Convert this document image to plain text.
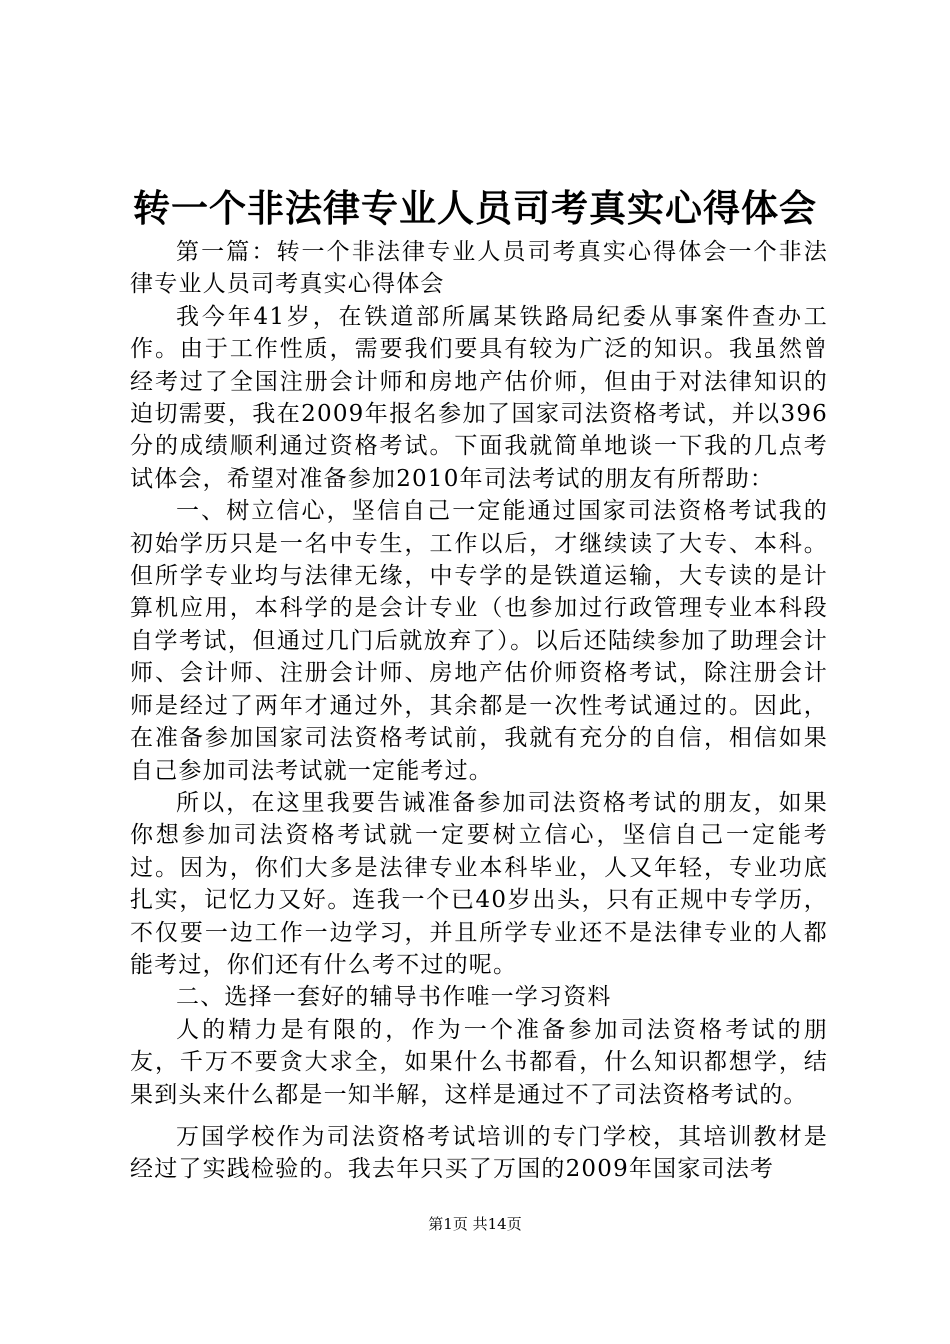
转一个非法律专业人员司考真实心得体会

第一篇：转一个非法律专业人员司考真实心得体会一个非法律专业人员司考真实心得体会

我今年41岁，在铁道部所属某铁路局纪委从事案件查办工作。由于工作性质，需要我们要具有较为广泛的知识。我虽然曾经考过了全国注册会计师和房地产估价师，但由于对法律知识的迫切需要，我在2009年报名参加了国家司法资格考试，并以396分的成绩顺利通过资格考试。下面我就简单地谈一下我的几点考试体会，希望对准备参加2010年司法考试的朋友有所帮助：

一、树立信心，坚信自己一定能通过国家司法资格考试我的初始学历只是一名中专生，工作以后，才继续读了大专、本科。但所学专业均与法律无缘，中专学的是铁道运输，大专读的是计算机应用，本科学的是会计专业（也参加过行政管理专业本科段自学考试，但通过几门后就放弃了）。以后还陆续参加了助理会计师、会计师、注册会计师、房地产估价师资格考试，除注册会计师是经过了两年才通过外，其余都是一次性考试通过的。因此，在准备参加国家司法资格考试前，我就有充分的自信，相信如果自己参加司法考试就一定能考过。

所以，在这里我要告诫准备参加司法资格考试的朋友，如果你想参加司法资格考试就一定要树立信心，坚信自己一定能考过。因为，你们大多是法律专业本科毕业，人又年轻，专业功底扎实，记忆力又好。连我一个已40岁出头，只有正规中专学历，不仅要一边工作一边学习，并且所学专业还不是法律专业的人都能考过，你们还有什么考不过的呢。

二、选择一套好的辅导书作唯一学习资料

人的精力是有限的，作为一个准备参加司法资格考试的朋友，千万不要贪大求全，如果什么书都看，什么知识都想学，结果到头来什么都是一知半解，这样是通过不了司法资格考试的。

万国学校作为司法资格考试培训的专门学校，其培训教材是经过了实践检验的。我去年只买了万国的2009年国家司法考

第1页 共14页
